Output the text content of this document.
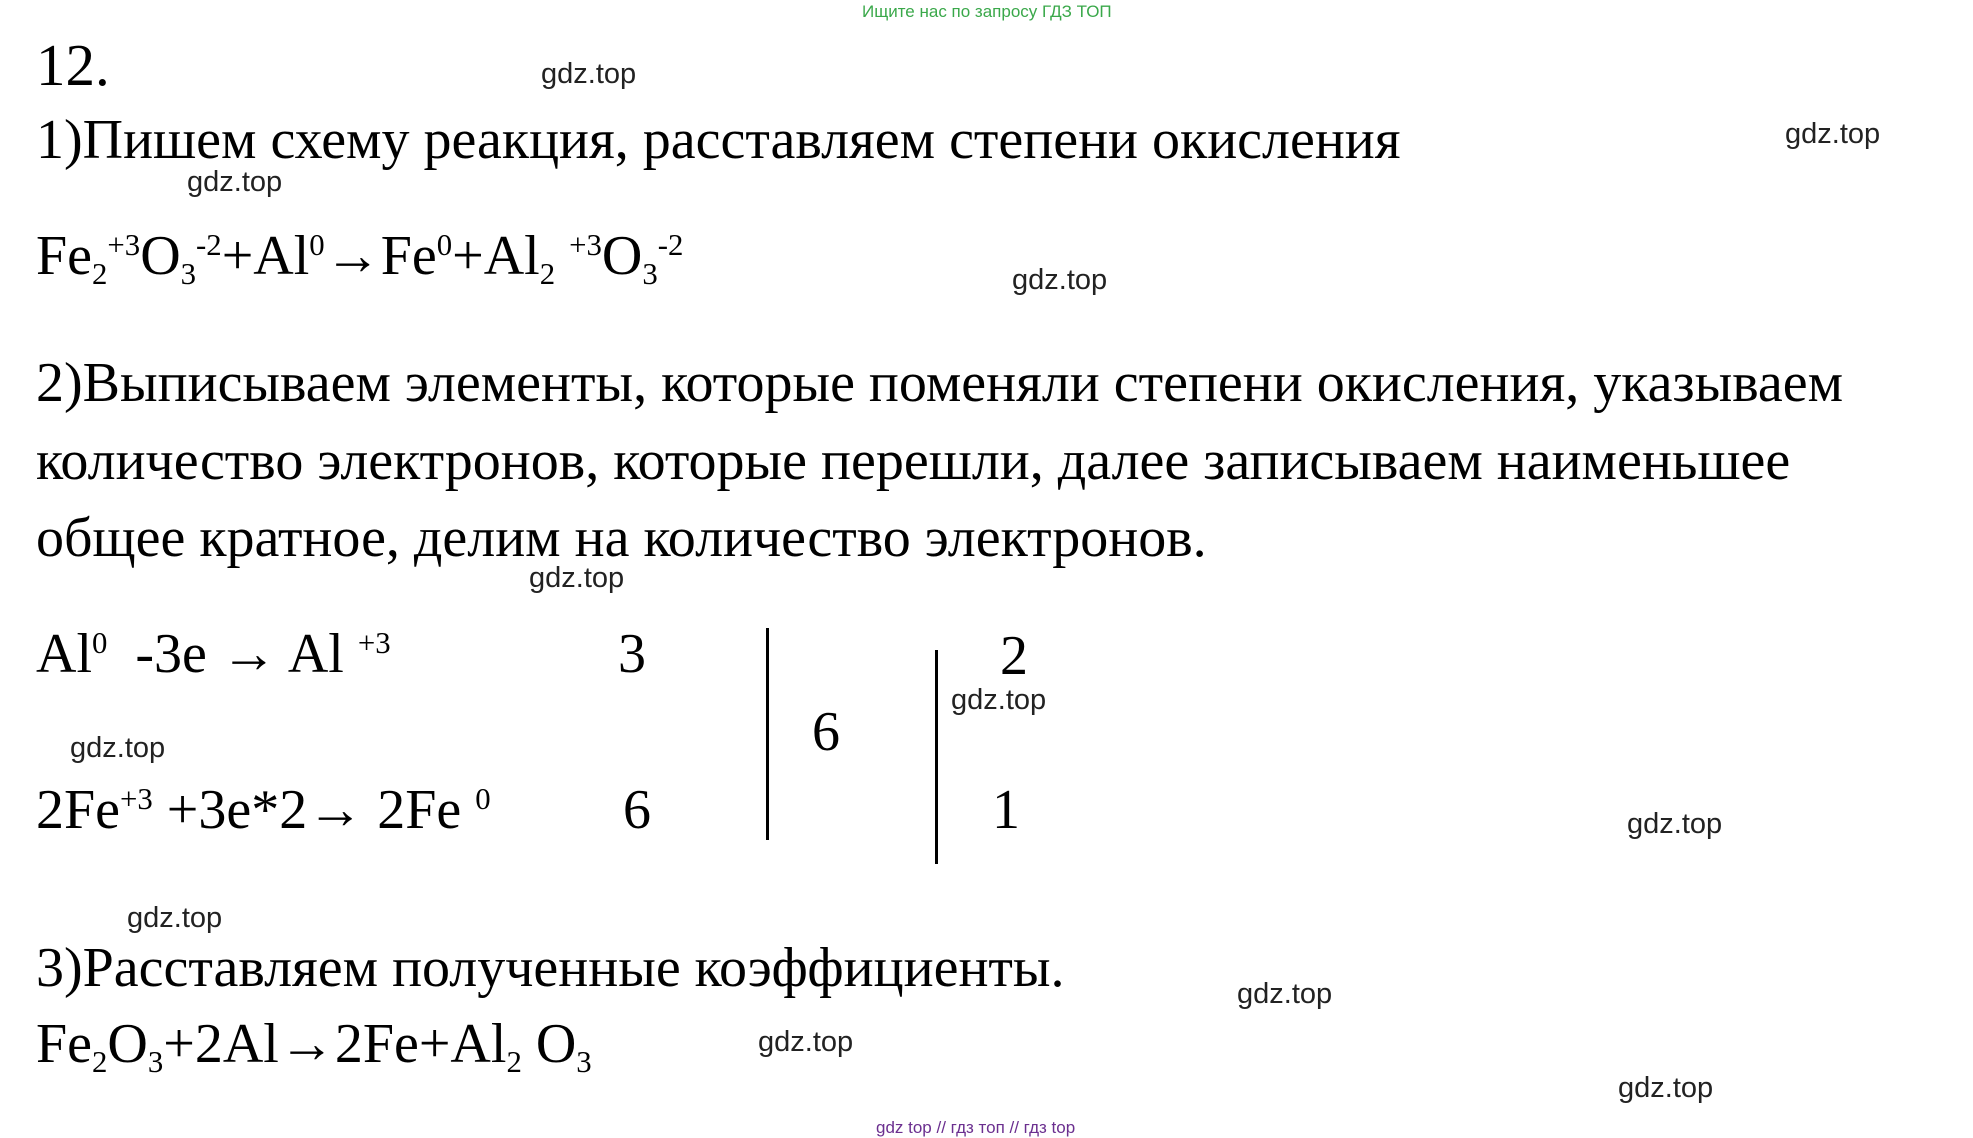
Ищите нас по запросу ГДЗ ТОП
12.
1)Пишем схему реакция, расставляем степени окисления
$Fe_2^{+3}O_3^{-2}+Al^0\to Fe^0+Al_2$ $^{+3}O_3^{-2}$
2)Выписываем элементы, которые поменяли степени окисления, указываем
количество электронов, которые перешли, далее записываем наименьшее
общее кратное, делим на количество электронов.
Al$^0$ -3e → Al $^{+3}$	3
$2Fe^{+3} +3e*2\to 2Fe$ $^0$ 6
6
2
1
3)Расставляем полученные коэффициенты.
$Fe_2O_3+2Al\to 2Fe+Al_2$ $O_3$
gdz.top
gdz.top
gdz.top
gdz.top
gdz.top
gdz.top
gdz.top
gdz.top
gdz.top
gdz.top
gdz.top
gdz.top
gdz top // гдз топ // гдз top
